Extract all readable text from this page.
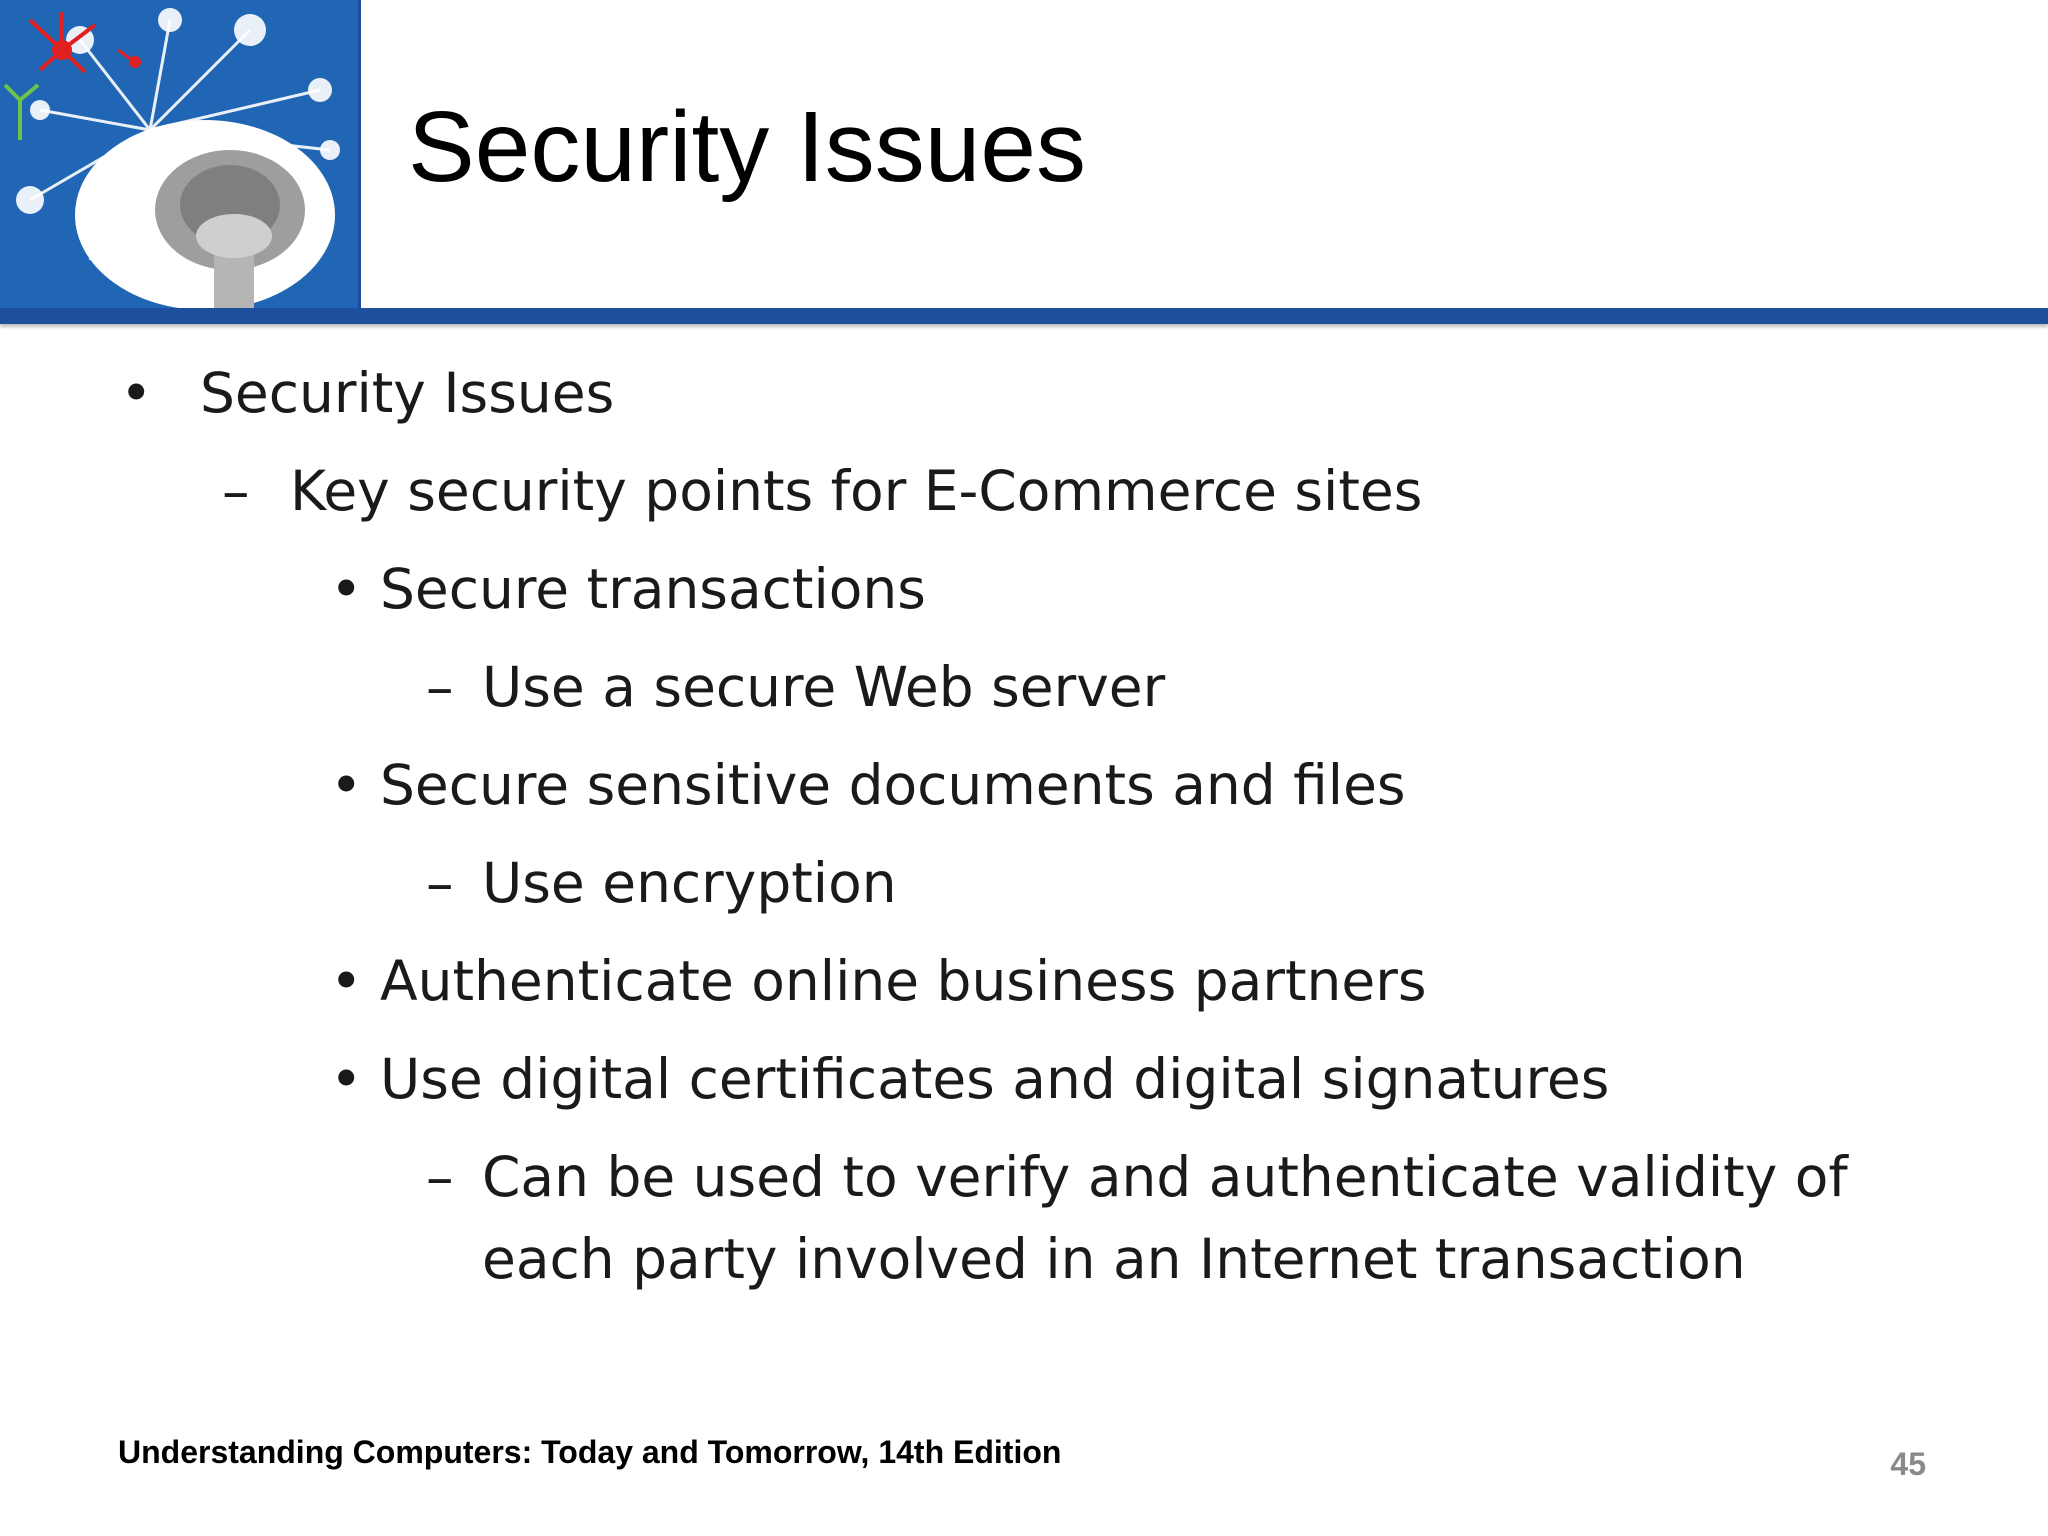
Security Issues
• Security Issues
– Key security points for E-Commerce sites
• Secure transactions
– Use a secure Web server
• Secure sensitive documents and files
– Use encryption
• Authenticate online business partners
• Use digital certificates and digital signatures
– Can be used to verify and authenticate validity of each party involved in an Internet transaction
Understanding Computers: Today and Tomorrow, 14th Edition	45
